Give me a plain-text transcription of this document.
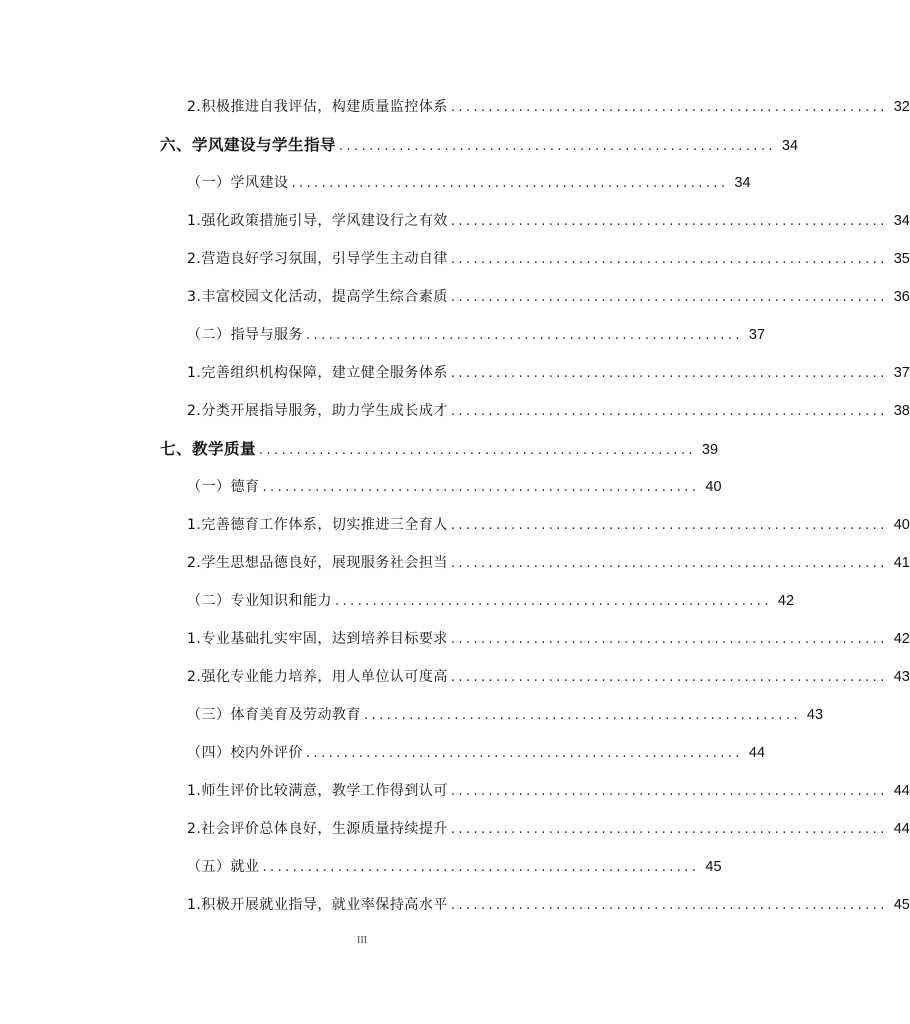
2.积极推进自我评估，构建质量监控体系 .......................................................... 32
六、学风建设与学生指导 .......................................................... 34
（一）学风建设 .......................................................... 34
1.强化政策措施引导，学风建设行之有效 .......................................................... 34
2.营造良好学习氛围，引导学生主动自律 .......................................................... 35
3.丰富校园文化活动，提高学生综合素质 .......................................................... 36
（二）指导与服务 .......................................................... 37
1.完善组织机构保障，建立健全服务体系 .......................................................... 37
2.分类开展指导服务，助力学生成长成才 .......................................................... 38
七、教学质量 .......................................................... 39
（一）德育 .......................................................... 40
1.完善德育工作体系，切实推进三全育人 .......................................................... 40
2.学生思想品德良好，展现服务社会担当 .......................................................... 41
（二）专业知识和能力 .......................................................... 42
1.专业基础扎实牢固，达到培养目标要求 .......................................................... 42
2.强化专业能力培养，用人单位认可度高 .......................................................... 43
（三）体育美育及劳动教育 .......................................................... 43
（四）校内外评价 .......................................................... 44
1.师生评价比较满意，教学工作得到认可 .......................................................... 44
2.社会评价总体良好，生源质量持续提升 .......................................................... 44
（五）就业 .......................................................... 45
1.积极开展就业指导，就业率保持高水平 .......................................................... 45
III
